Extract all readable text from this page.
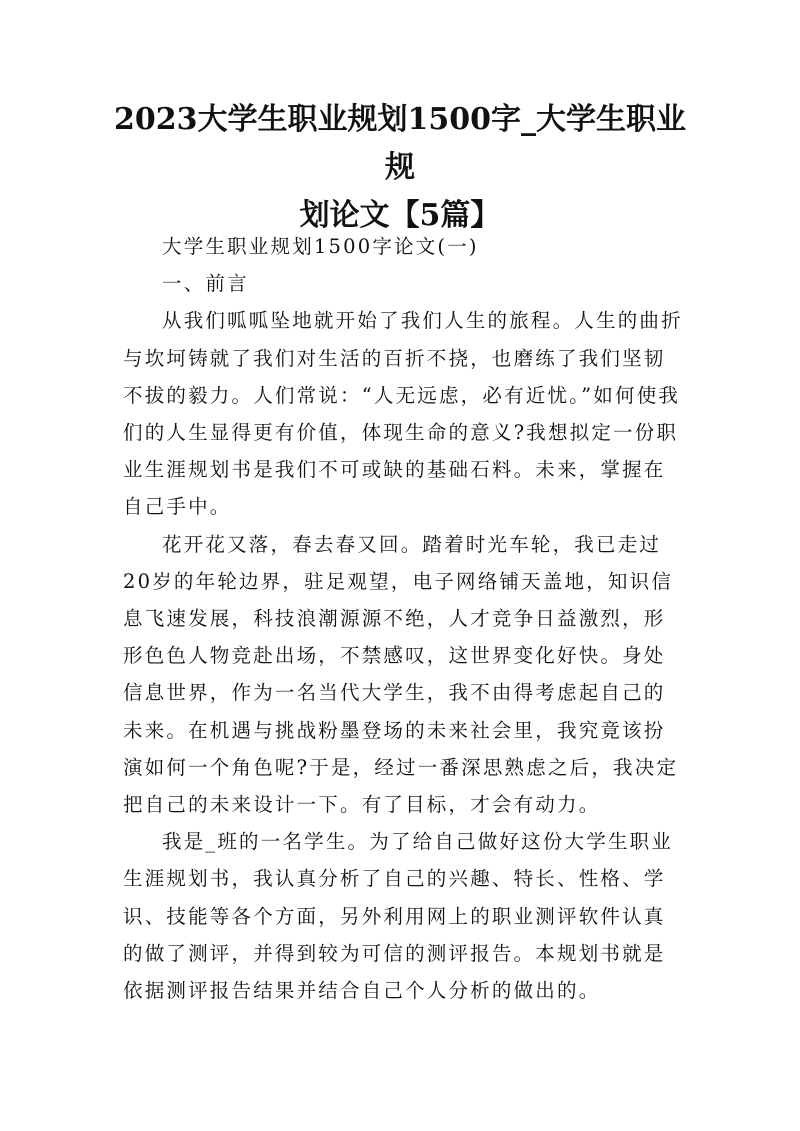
2023大学生职业规划1500字_大学生职业规
划论文【5篇】

大学生职业规划1500字论文(一)

一、前言

从我们呱呱坠地就开始了我们人生的旅程。人生的曲折与坎坷铸就了我们对生活的百折不挠，也磨练了我们坚韧不拔的毅力。人们常说：“人无远虑，必有近忧。”如何使我们的人生显得更有价值，体现生命的意义?我想拟定一份职业生涯规划书是我们不可或缺的基础石料。未来，掌握在自己手中。

花开花又落，春去春又回。踏着时光车轮，我已走过20岁的年轮边界，驻足观望，电子网络铺天盖地，知识信息飞速发展，科技浪潮源源不绝，人才竞争日益激烈，形形色色人物竞赴出场，不禁感叹，这世界变化好快。身处信息世界，作为一名当代大学生，我不由得考虑起自己的未来。在机遇与挑战粉墨登场的未来社会里，我究竟该扮演如何一个角色呢?于是，经过一番深思熟虑之后，我决定把自己的未来设计一下。有了目标，才会有动力。

我是_班的一名学生。为了给自己做好这份大学生职业生涯规划书，我认真分析了自己的兴趣、特长、性格、学识、技能等各个方面，另外利用网上的职业测评软件认真的做了测评，并得到较为可信的测评报告。本规划书就是依据测评报告结果并结合自己个人分析的做出的。
